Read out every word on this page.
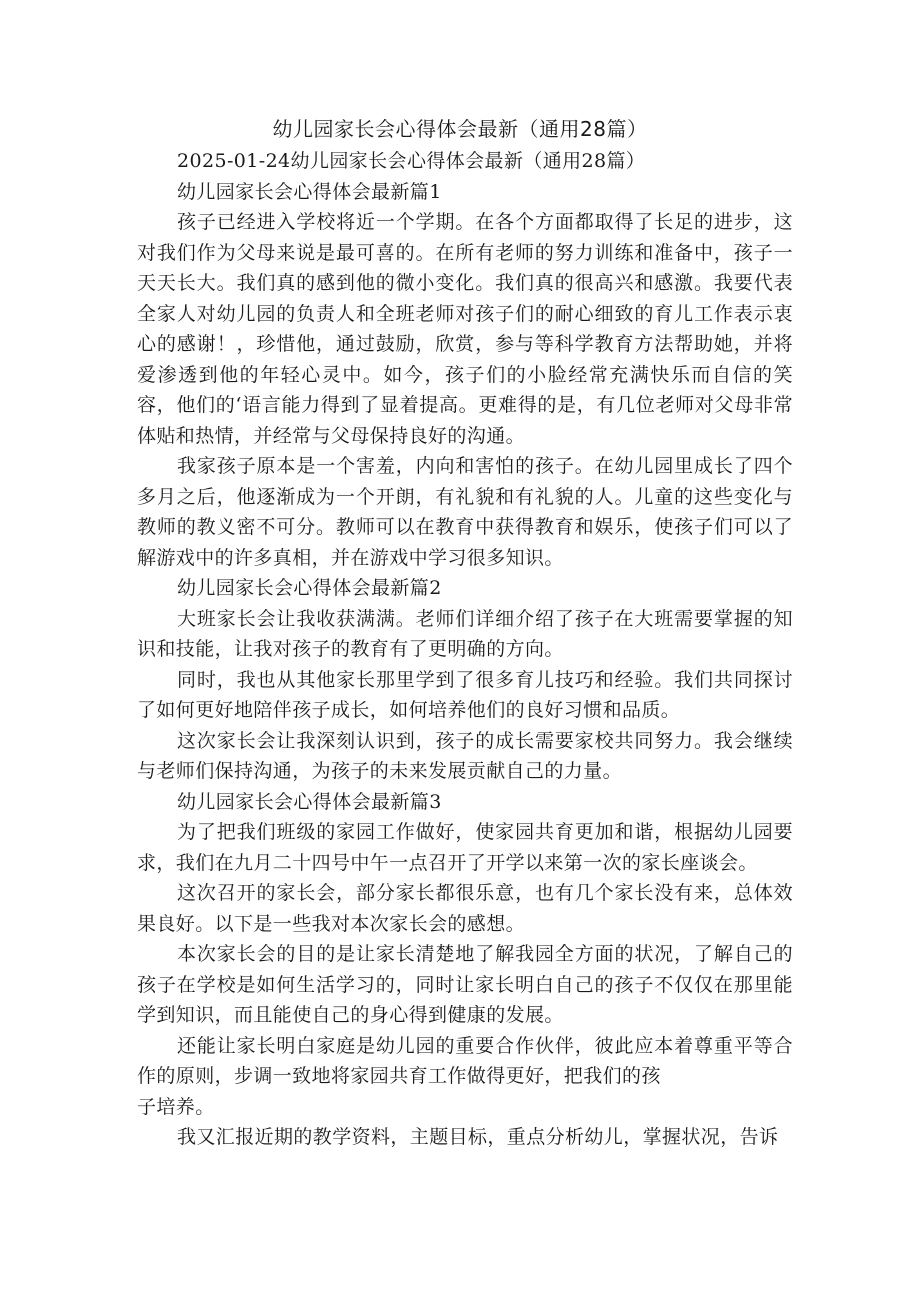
幼儿园家长会心得体会最新（通用28篇）

2025-01-24幼儿园家长会心得体会最新（通用28篇）

幼儿园家长会心得体会最新篇1

孩子已经进入学校将近一个学期。在各个方面都取得了长足的进步，这对我们作为父母来说是最可喜的。在所有老师的努力训练和准备中，孩子一天天长大。我们真的感到他的微小变化。我们真的很高兴和感激。我要代表全家人对幼儿园的负责人和全班老师对孩子们的耐心细致的育儿工作表示衷心的感谢！，珍惜他，通过鼓励，欣赏，参与等科学教育方法帮助她，并将爱渗透到他的年轻心灵中。如今，孩子们的小脸经常充满快乐而自信的笑容，他们的‘语言能力得到了显着提高。更难得的是，有几位老师对父母非常体贴和热情，并经常与父母保持良好的沟通。

我家孩子原本是一个害羞，内向和害怕的孩子。在幼儿园里成长了四个多月之后，他逐渐成为一个开朗，有礼貌和有礼貌的人。儿童的这些变化与教师的教义密不可分。教师可以在教育中获得教育和娱乐，使孩子们可以了解游戏中的许多真相，并在游戏中学习很多知识。

幼儿园家长会心得体会最新篇2

大班家长会让我收获满满。老师们详细介绍了孩子在大班需要掌握的知识和技能，让我对孩子的教育有了更明确的方向。

同时，我也从其他家长那里学到了很多育儿技巧和经验。我们共同探讨了如何更好地陪伴孩子成长，如何培养他们的良好习惯和品质。

这次家长会让我深刻认识到，孩子的成长需要家校共同努力。我会继续与老师们保持沟通，为孩子的未来发展贡献自己的力量。

幼儿园家长会心得体会最新篇3

为了把我们班级的家园工作做好，使家园共育更加和谐，根据幼儿园要求，我们在九月二十四号中午一点召开了开学以来第一次的家长座谈会。

这次召开的家长会，部分家长都很乐意，也有几个家长没有来，总体效果良好。以下是一些我对本次家长会的感想。

本次家长会的目的是让家长清楚地了解我园全方面的状况，了解自己的孩子在学校是如何生活学习的，同时让家长明白自己的孩子不仅仅在那里能学到知识，而且能使自己的身心得到健康的发展。

还能让家长明白家庭是幼儿园的重要合作伙伴，彼此应本着尊重平等合作的原则，步调一致地将家园共育工作做得更好，把我们的孩

子培养。

我又汇报近期的教学资料，主题目标，重点分析幼儿，掌握状况，告诉
